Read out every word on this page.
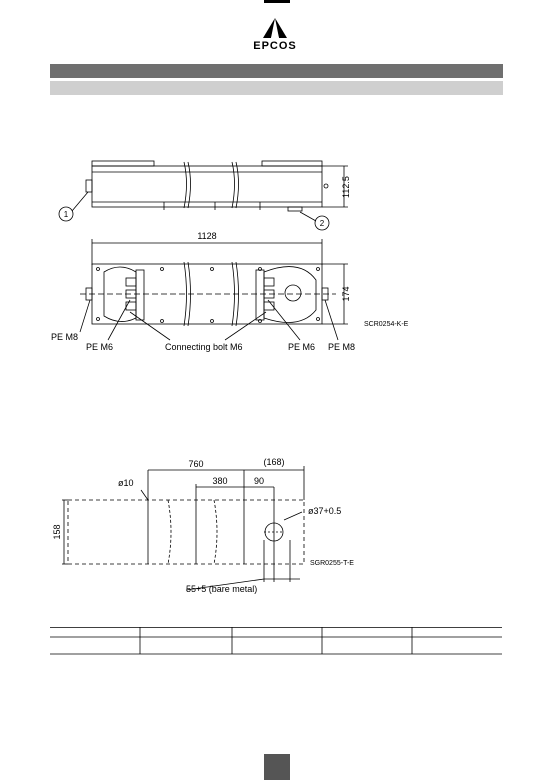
EPCOS
112.5
1
2
1128
174
SCR0254-K-E
PE M8
PE M6	Connecting bolt M6	PE M6 PE M8
760	(168)
ø10	380	90
ø37+0.5
158
SGR0255-T-E
55+5 (bare metal)
